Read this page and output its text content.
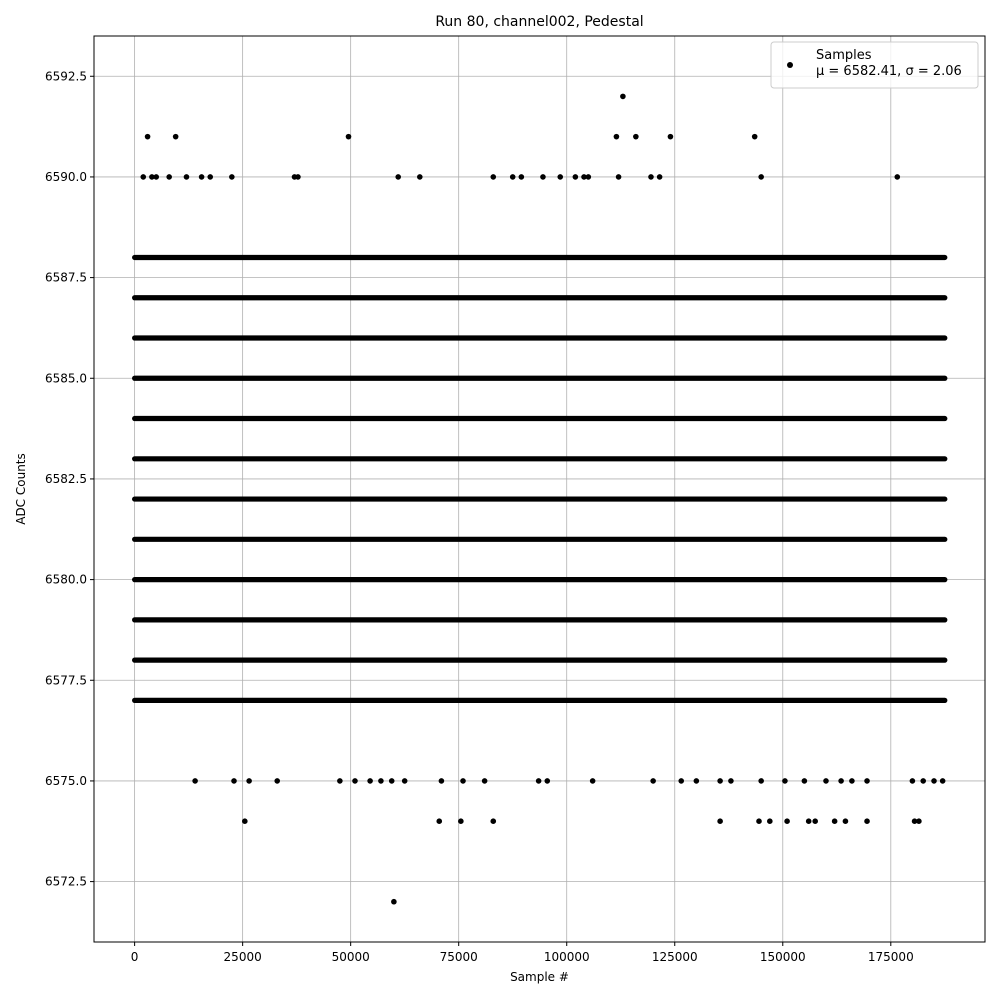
0	25000	50000	75000	100000	125000	150000	175000
6572.5
6575.0
6577.5
6580.0
6582.5
6585.0
6587.5
6590.0
6592.5
Run 80, channel002, Pedestal
Sample #
ADC Counts
Samples
μ = 6582.41, σ = 2.06
